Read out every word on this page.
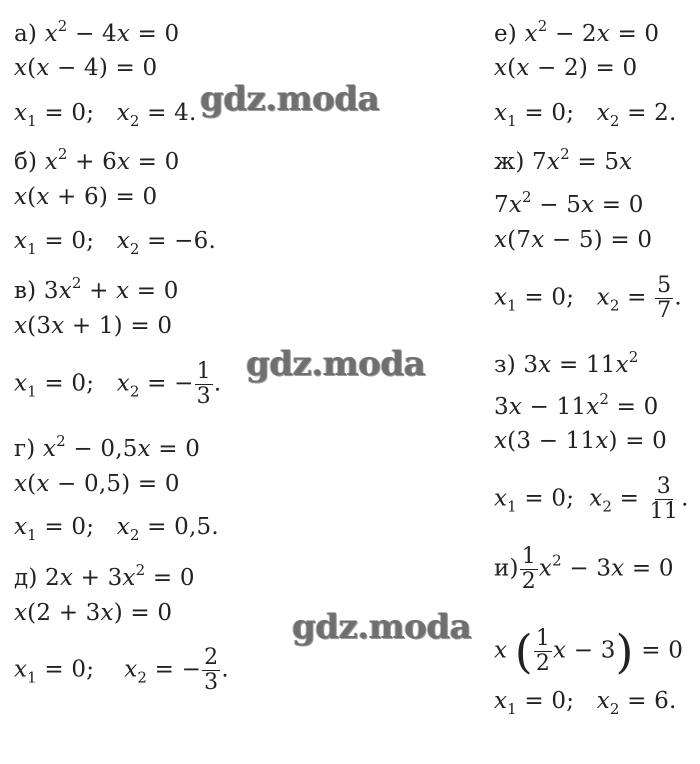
а) $x^2 - 4x = 0$
x(x − 4) = 0
$x_1 = 0$;   $x_2 = 4$.
б) $x^2 + 6x = 0$
x(x + 6) = 0
$x_1 = 0$;   $x_2 = -6$.
в) $3x^2 + x = 0$
x(3x + 1) = 0
$x_1 = 0$;   $x_2$ = − $\frac{1}{3}$ .
г) $x^2 - 0,5x = 0$
x(x − 0,5) = 0
$x_1 = 0$;   $x_2 = 0,5$.
д) $2x + 3x^2 = 0$
x(2 + 3x) = 0
$x_1 = 0$;    $x_2$ = − $\frac{2}{3}$ .
е) $x^2 - 2x = 0$
x(x − 2) = 0
$x_1 = 0$;   $x_2 = 2$.
ж) $7x^2 = 5x$
$7x^2 - 5x = 0$
x(7x − 5) = 0
$x_1 = 0$;   $x_2 = \frac{5}{7}$ .
з) $3x = 11x^2$
$3x - 11x^2 = 0$
x(3 − 11x) = 0
$x_1 = 0$;  $x_2 = \frac{3}{11}$ .
$и) \frac{1}{2} x^2 - 3x = 0$
x ( $\frac{1}{2}$ x − 3) = 0
$x_1 = 0$;   $x_2 = 6$.
gdz.moda
gdz.moda
gdz.moda
